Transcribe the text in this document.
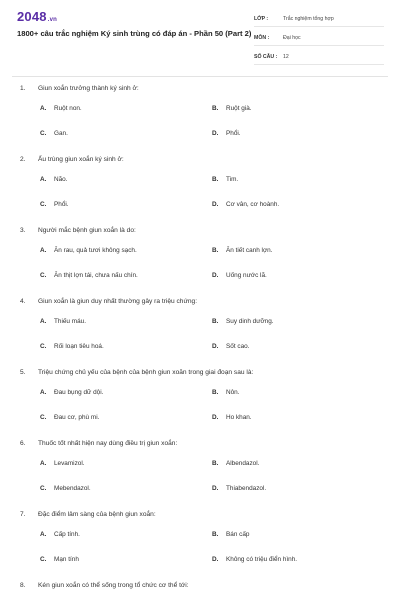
2048.vn
1800+ câu trắc nghiệm Ký sinh trùng có đáp án - Phần 50 (Part 2)
LỚP :	Trắc nghiệm tổng hợp
MÔN :	Đại học
SỐ CÂU : 12
1. Giun xoắn trưởng thành ký sinh ở:
A. Ruột non.	B. Ruột già.
C. Gan.	D. Phổi.
2. Ấu trùng giun xoắn ký sinh ở:
A. Não.	B. Tim.
C. Phổi.	D. Cơ vân, cơ hoành.
3. Người mắc bệnh giun xoắn là do:
A. Ăn rau, quả tươi không sạch.	B. Ăn tiết canh lợn.
C. Ăn thịt lợn tái, chưa nấu chín.	D. Uống nước lã.
4. Giun xoắn là giun duy nhất thường gây ra triệu chứng:
A. Thiếu máu.	B. Suy dinh dưỡng.
C. Rối loạn tiêu hoá.	D. Sốt cao.
5. Triệu chứng chủ yếu của bệnh của bệnh giun xoăn trong giai đoạn sau là:
A. Đau bụng dữ dội.	B. Nôn.
C. Đau cơ, phù mi.	D. Ho khan.
6. Thuốc tốt nhất hiện nay dùng điều trị giun xoắn:
A. Levamizol.	B. Albendazol.
C. Mebendazol.	D. Thiabendazol.
7. Đặc điểm lâm sàng của bệnh giun xoắn:
A. Cấp tính.	B. Bán cấp
C. Mạn tính	D. Không có triệu điển hình.
8. Kén giun xoắn có thể sống trong tổ chức cơ thể tới:
